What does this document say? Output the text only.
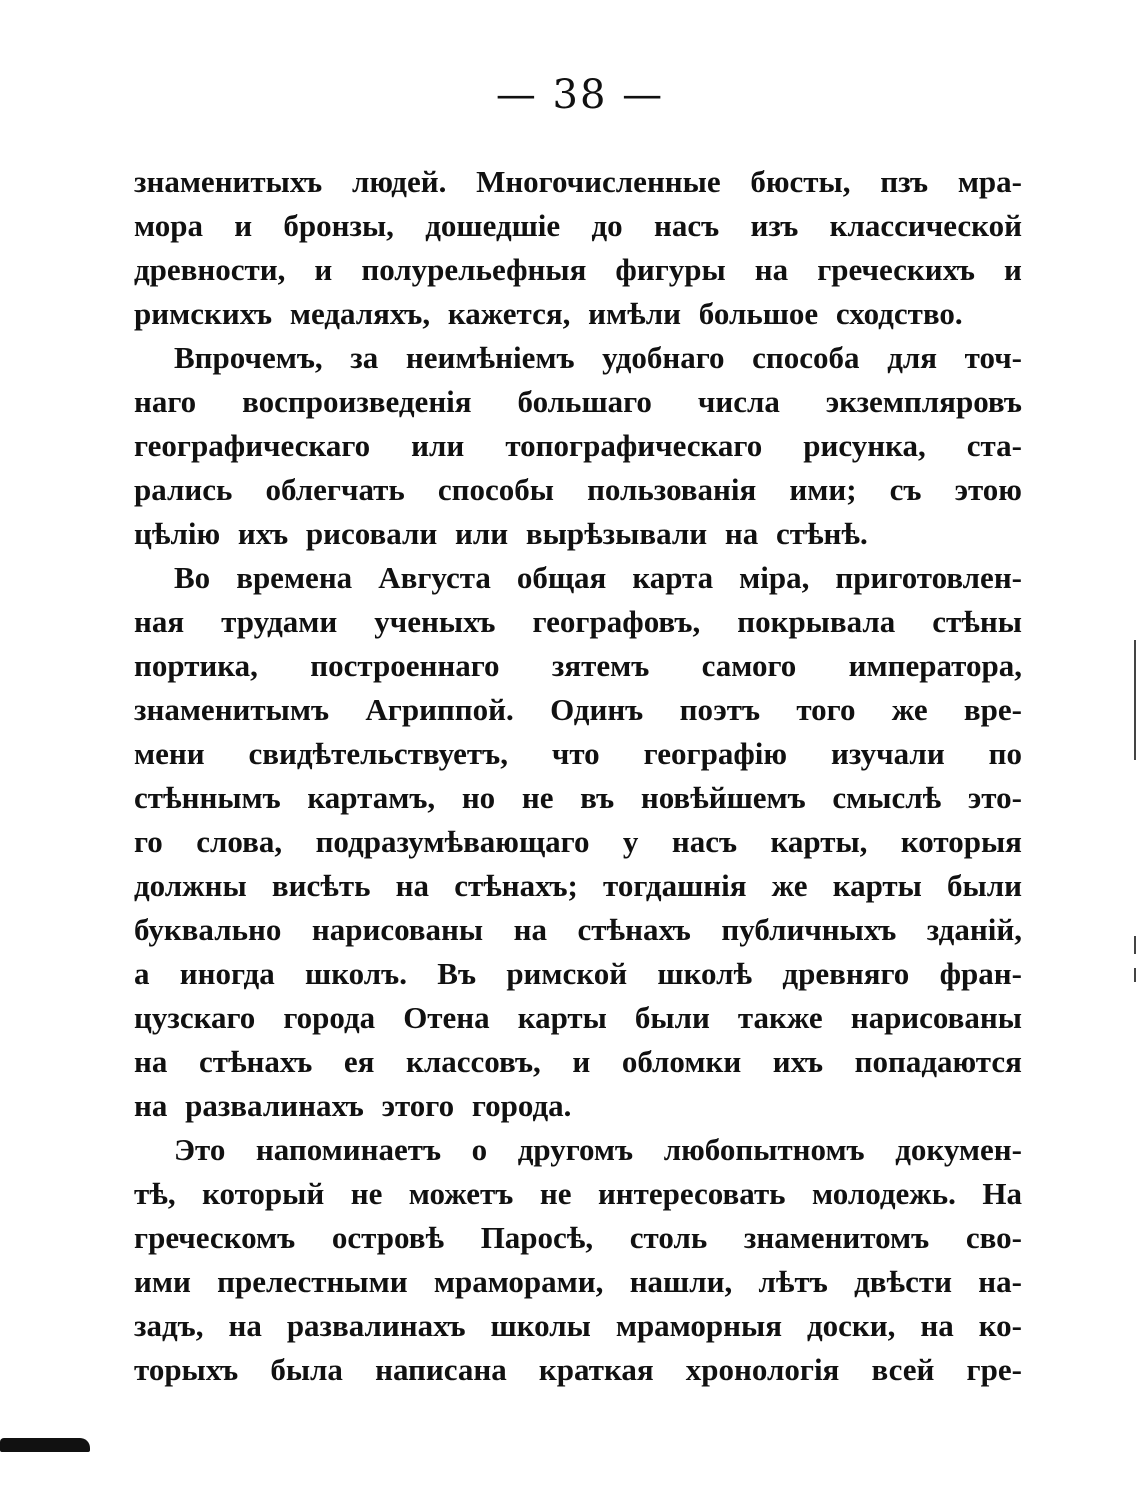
— 38 —
знаменитыхъ людей. Многочисленные бюсты, пзъ мра-
мора и бронзы, дошедшіе до насъ изъ классической
древности, и полурельефныя фигуры на греческихъ и
римскихъ медаляхъ, кажется, имѣли большое сходство.
Впрочемъ, за неимѣніемъ удобнаго способа для точ-
наго воспроизведенія большаго числа экземпляровъ
географическаго или топографическаго рисунка, ста-
рались облегчать способы пользованія ими; съ этою
цѣлію ихъ рисовали или вырѣзывали на стѣнѣ.
Во времена Августа общая карта міра, приготовлен-
ная трудами ученыхъ географовъ, покрывала стѣны
портика, построеннаго зятемъ самого императора,
знаменитымъ Агриппой. Одинъ поэтъ того же вре-
мени свидѣтельствуетъ, что географію изучали по
стѣннымъ картамъ, но не въ новѣйшемъ смыслѣ это-
го слова, подразумѣвающаго у насъ карты, которыя
должны висѣть на стѣнахъ; тогдашнія же карты были
буквально нарисованы на стѣнахъ публичныхъ зданій,
а иногда школъ. Въ римской школѣ древняго фран-
цузскаго города Отена карты были также нарисованы
на стѣнахъ ея классовъ, и обломки ихъ попадаются
на развалинахъ этого города.
Это напоминаетъ о другомъ любопытномъ докумен-
тѣ, который не можетъ не интересовать молодежь. На
греческомъ островѣ Паросѣ, столь знаменитомъ сво-
ими прелестными мраморами, нашли, лѣтъ двѣсти на-
задъ, на развалинахъ школы мраморныя доски, на ко-
торыхъ была написана краткая хронологія всей гре-
